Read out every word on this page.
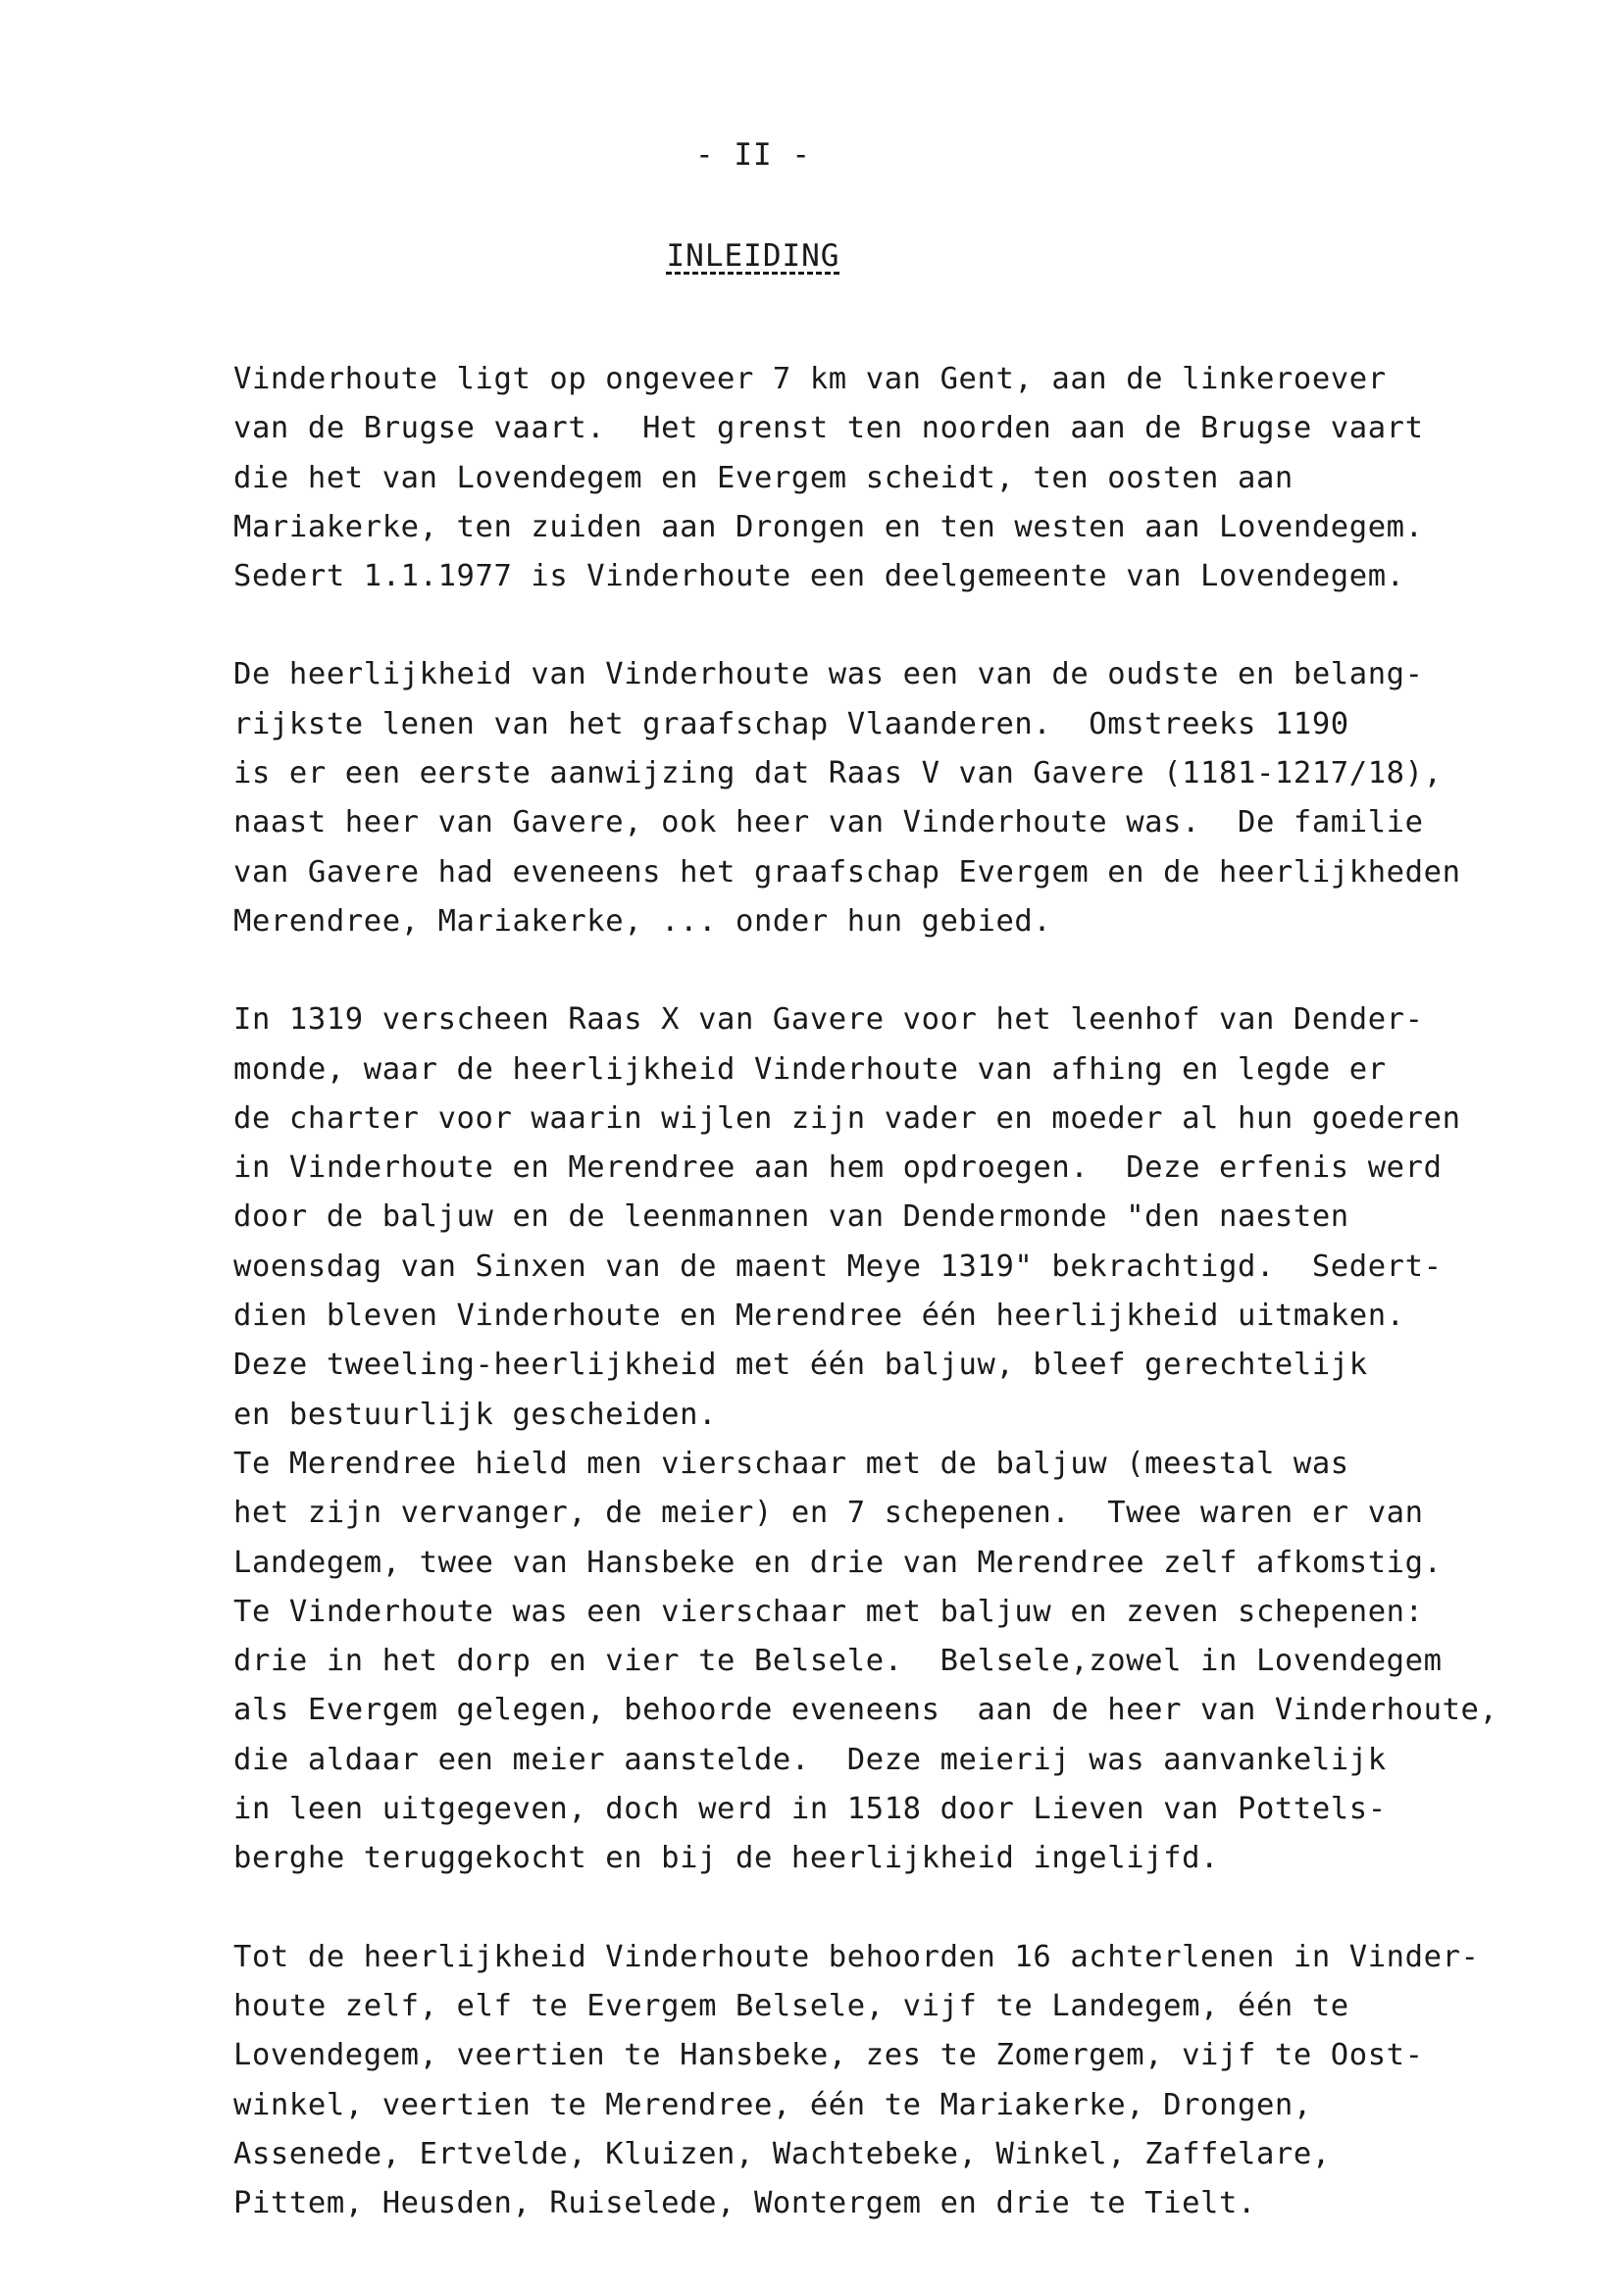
- II -
INLEIDING
Vinderhoute ligt op ongeveer 7 km van Gent, aan de linkeroever
van de Brugse vaart.  Het grenst ten noorden aan de Brugse vaart
die het van Lovendegem en Evergem scheidt, ten oosten aan
Mariakerke, ten zuiden aan Drongen en ten westen aan Lovendegem.
Sedert 1.1.1977 is Vinderhoute een deelgemeente van Lovendegem.
De heerlijkheid van Vinderhoute was een van de oudste en belang-
rijkste lenen van het graafschap Vlaanderen.  Omstreeks 1190
is er een eerste aanwijzing dat Raas V van Gavere (1181-1217/18),
naast heer van Gavere, ook heer van Vinderhoute was.  De familie
van Gavere had eveneens het graafschap Evergem en de heerlijkheden
Merendree, Mariakerke, ... onder hun gebied.
In 1319 verscheen Raas X van Gavere voor het leenhof van Dender-
monde, waar de heerlijkheid Vinderhoute van afhing en legde er
de charter voor waarin wijlen zijn vader en moeder al hun goederen
in Vinderhoute en Merendree aan hem opdroegen.  Deze erfenis werd
door de baljuw en de leenmannen van Dendermonde "den naesten
woensdag van Sinxen van de maent Meye 1319" bekrachtigd.  Sedert-
dien bleven Vinderhoute en Merendree één heerlijkheid uitmaken.
Deze tweeling-heerlijkheid met één baljuw, bleef gerechtelijk
en bestuurlijk gescheiden.
Te Merendree hield men vierschaar met de baljuw (meestal was
het zijn vervanger, de meier) en 7 schepenen.  Twee waren er van
Landegem, twee van Hansbeke en drie van Merendree zelf afkomstig.
Te Vinderhoute was een vierschaar met baljuw en zeven schepenen:
drie in het dorp en vier te Belsele.  Belsele,zowel in Lovendegem
als Evergem gelegen, behoorde eveneens  aan de heer van Vinderhoute,
die aldaar een meier aanstelde.  Deze meierij was aanvankelijk
in leen uitgegeven, doch werd in 1518 door Lieven van Pottels-
berghe teruggekocht en bij de heerlijkheid ingelijfd.
Tot de heerlijkheid Vinderhoute behoorden 16 achterlenen in Vinder-
houte zelf, elf te Evergem Belsele, vijf te Landegem, één te
Lovendegem, veertien te Hansbeke, zes te Zomergem, vijf te Oost-
winkel, veertien te Merendree, één te Mariakerke, Drongen,
Assenede, Ertvelde, Kluizen, Wachtebeke, Winkel, Zaffelare,
Pittem, Heusden, Ruiselede, Wontergem en drie te Tielt.
